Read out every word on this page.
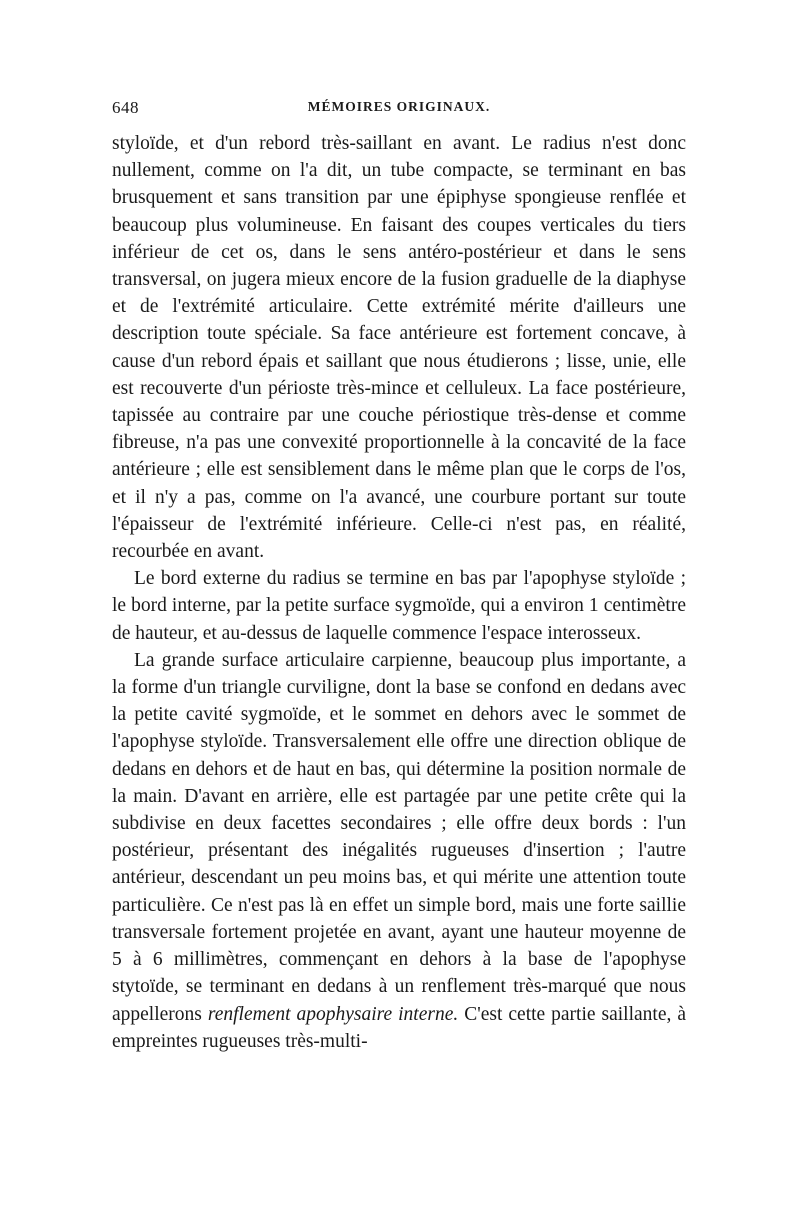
648	MÉMOIRES ORIGINAUX.

styloïde, et d'un rebord très-saillant en avant. Le radius n'est donc nullement, comme on l'a dit, un tube compacte, se terminant en bas brusquement et sans transition par une épiphyse spongieuse renflée et beaucoup plus volumineuse. En faisant des coupes verticales du tiers inférieur de cet os, dans le sens antéro-postérieur et dans le sens transversal, on jugera mieux encore de la fusion graduelle de la diaphyse et de l'extrémité articulaire. Cette extrémité mérite d'ailleurs une description toute spéciale. Sa face antérieure est fortement concave, à cause d'un rebord épais et saillant que nous étudierons ; lisse, unie, elle est recouverte d'un périoste très-mince et celluleux. La face postérieure, tapissée au contraire par une couche périostique très-dense et comme fibreuse, n'a pas une convexité proportionnelle à la concavité de la face antérieure ; elle est sensiblement dans le même plan que le corps de l'os, et il n'y a pas, comme on l'a avancé, une courbure portant sur toute l'épaisseur de l'extrémité inférieure. Celle-ci n'est pas, en réalité, recourbée en avant.

Le bord externe du radius se termine en bas par l'apophyse styloïde ; le bord interne, par la petite surface sygmoïde, qui a environ 1 centimètre de hauteur, et au-dessus de laquelle commence l'espace interosseux.

La grande surface articulaire carpienne, beaucoup plus importante, a la forme d'un triangle curviligne, dont la base se confond en dedans avec la petite cavité sygmoïde, et le sommet en dehors avec le sommet de l'apophyse styloïde. Transversalement elle offre une direction oblique de dedans en dehors et de haut en bas, qui détermine la position normale de la main. D'avant en arrière, elle est partagée par une petite crête qui la subdivise en deux facettes secondaires ; elle offre deux bords : l'un postérieur, présentant des inégalités rugueuses d'insertion ; l'autre antérieur, descendant un peu moins bas, et qui mérite une attention toute particulière. Ce n'est pas là en effet un simple bord, mais une forte saillie transversale fortement projetée en avant, ayant une hauteur moyenne de 5 à 6 millimètres, commençant en dehors à la base de l'apophyse stytoïde, se terminant en dedans à un renflement très-marqué que nous appellerons renflement apophysaire interne. C'est cette partie saillante, à empreintes rugueuses très-multi-
